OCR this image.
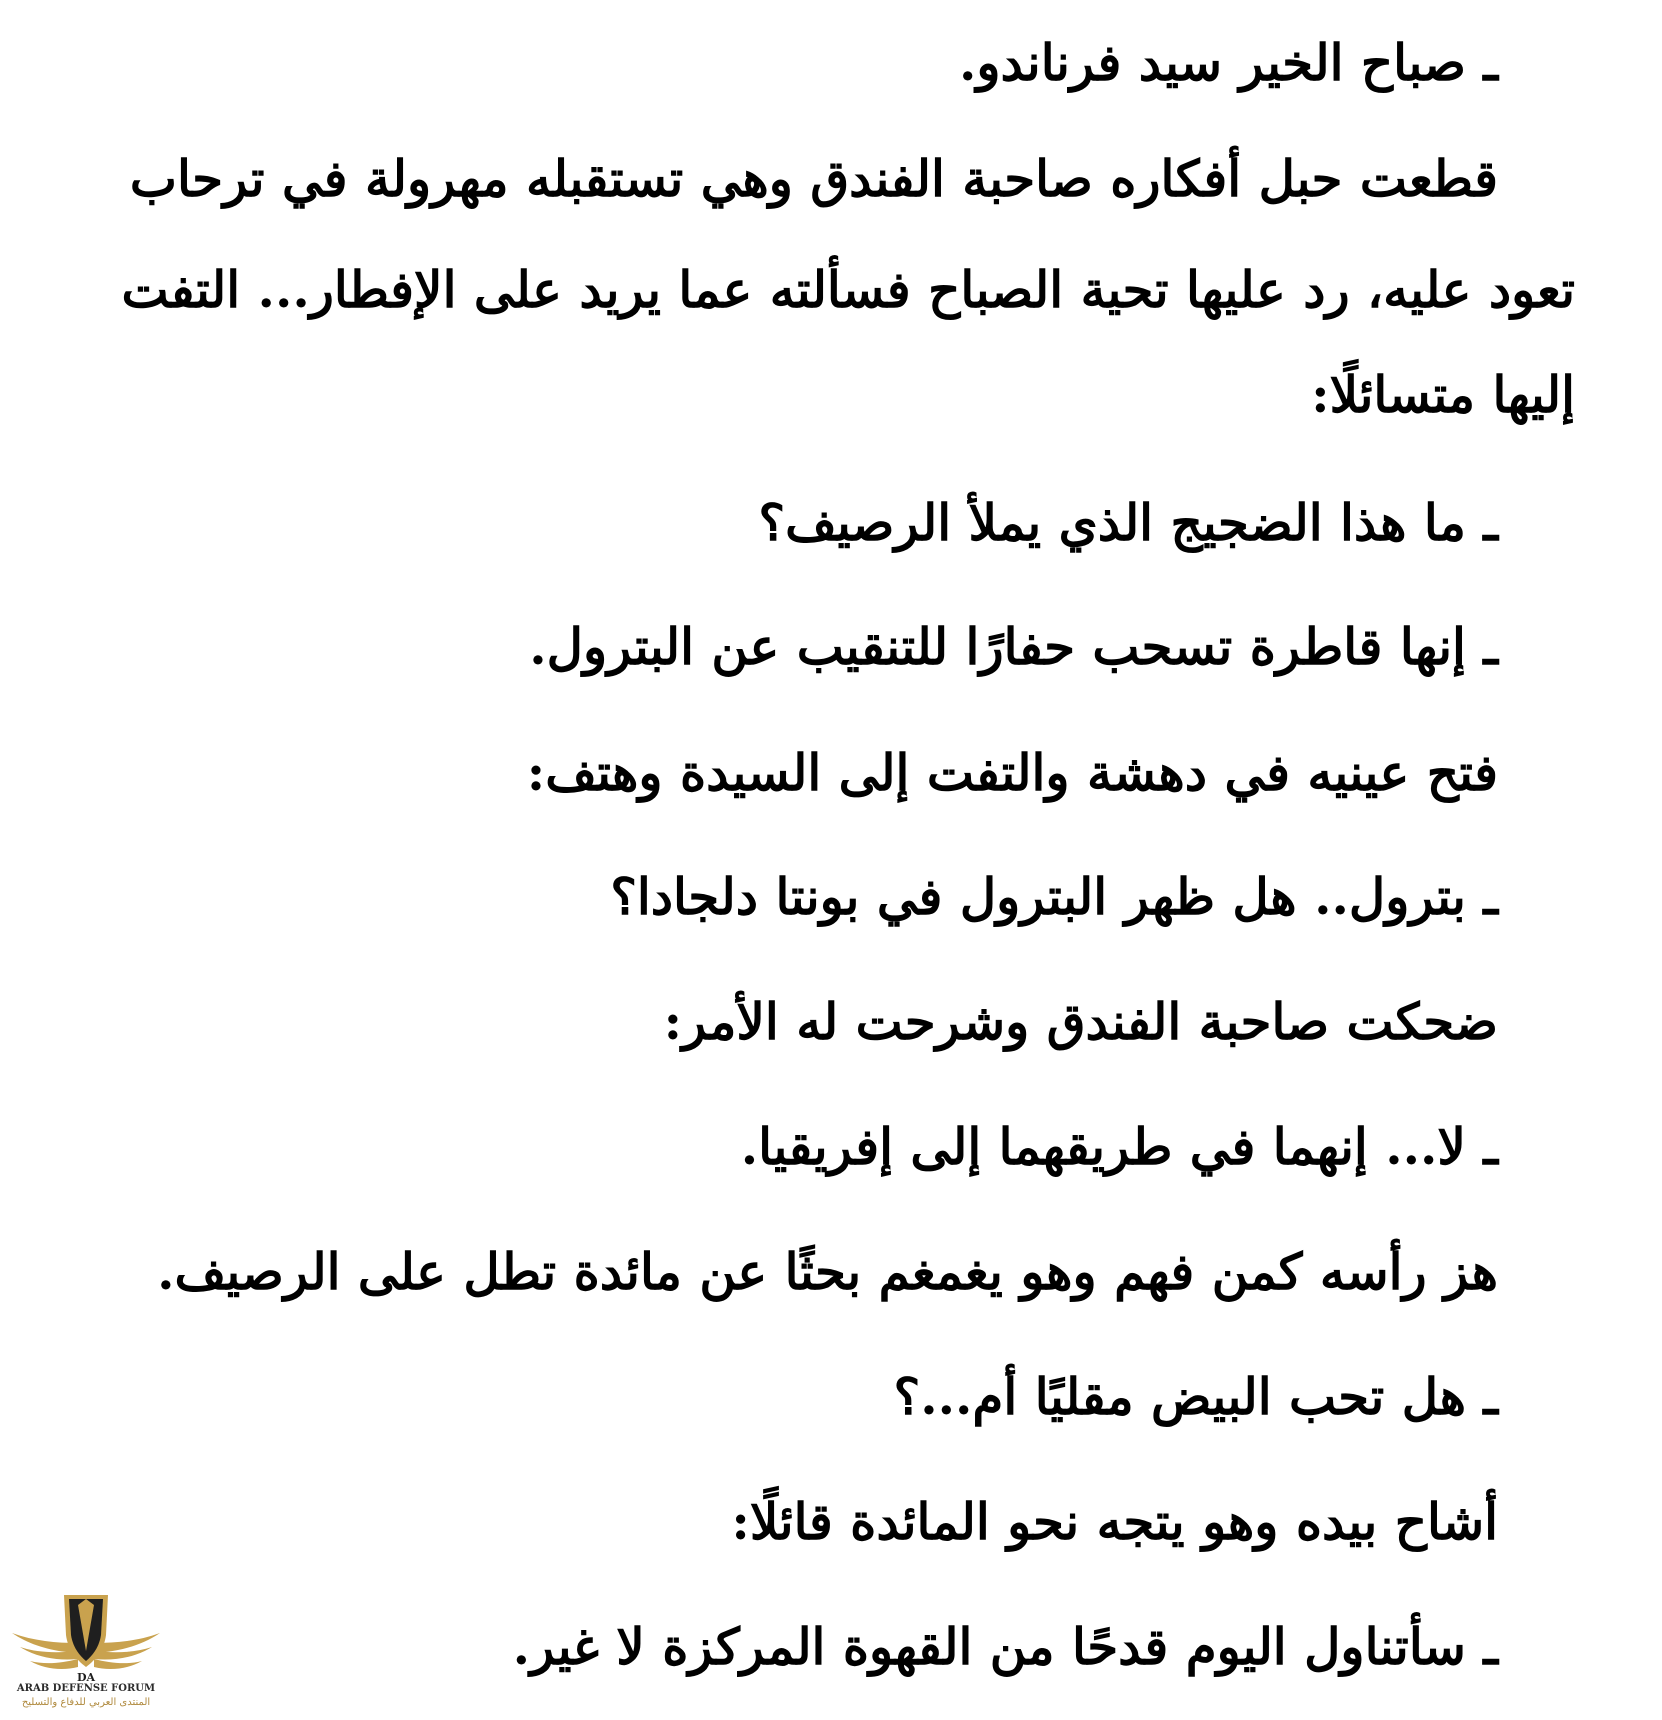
ـ صباح الخير سيد فرناندو.
قطعت حبل أفكاره صاحبة الفندق وهي تستقبله مهرولة في ترحاب
تعود عليه، رد عليها تحية الصباح فسألته عما يريد على الإفطار... التفت
إليها متسائلًا:
ـ ما هذا الضجيج الذي يملأ الرصيف؟
ـ إنها قاطرة تسحب حفارًا للتنقيب عن البترول.
فتح عينيه في دهشة والتفت إلى السيدة وهتف:
ـ بترول.. هل ظهر البترول في بونتا دلجادا؟
ضحكت صاحبة الفندق وشرحت له الأمر:
ـ لا... إنهما في طريقهما إلى إفريقيا.
هز رأسه كمن فهم وهو يغمغم بحثًا عن مائدة تطل على الرصيف.
ـ هل تحب البيض مقليًا أم...؟
أشاح بيده وهو يتجه نحو المائدة قائلًا:
ـ سأتناول اليوم قدحًا من القهوة المركزة لا غير.
DA
ARAB DEFENSE FORUM
المنتدى العربي للدفاع والتسليح
